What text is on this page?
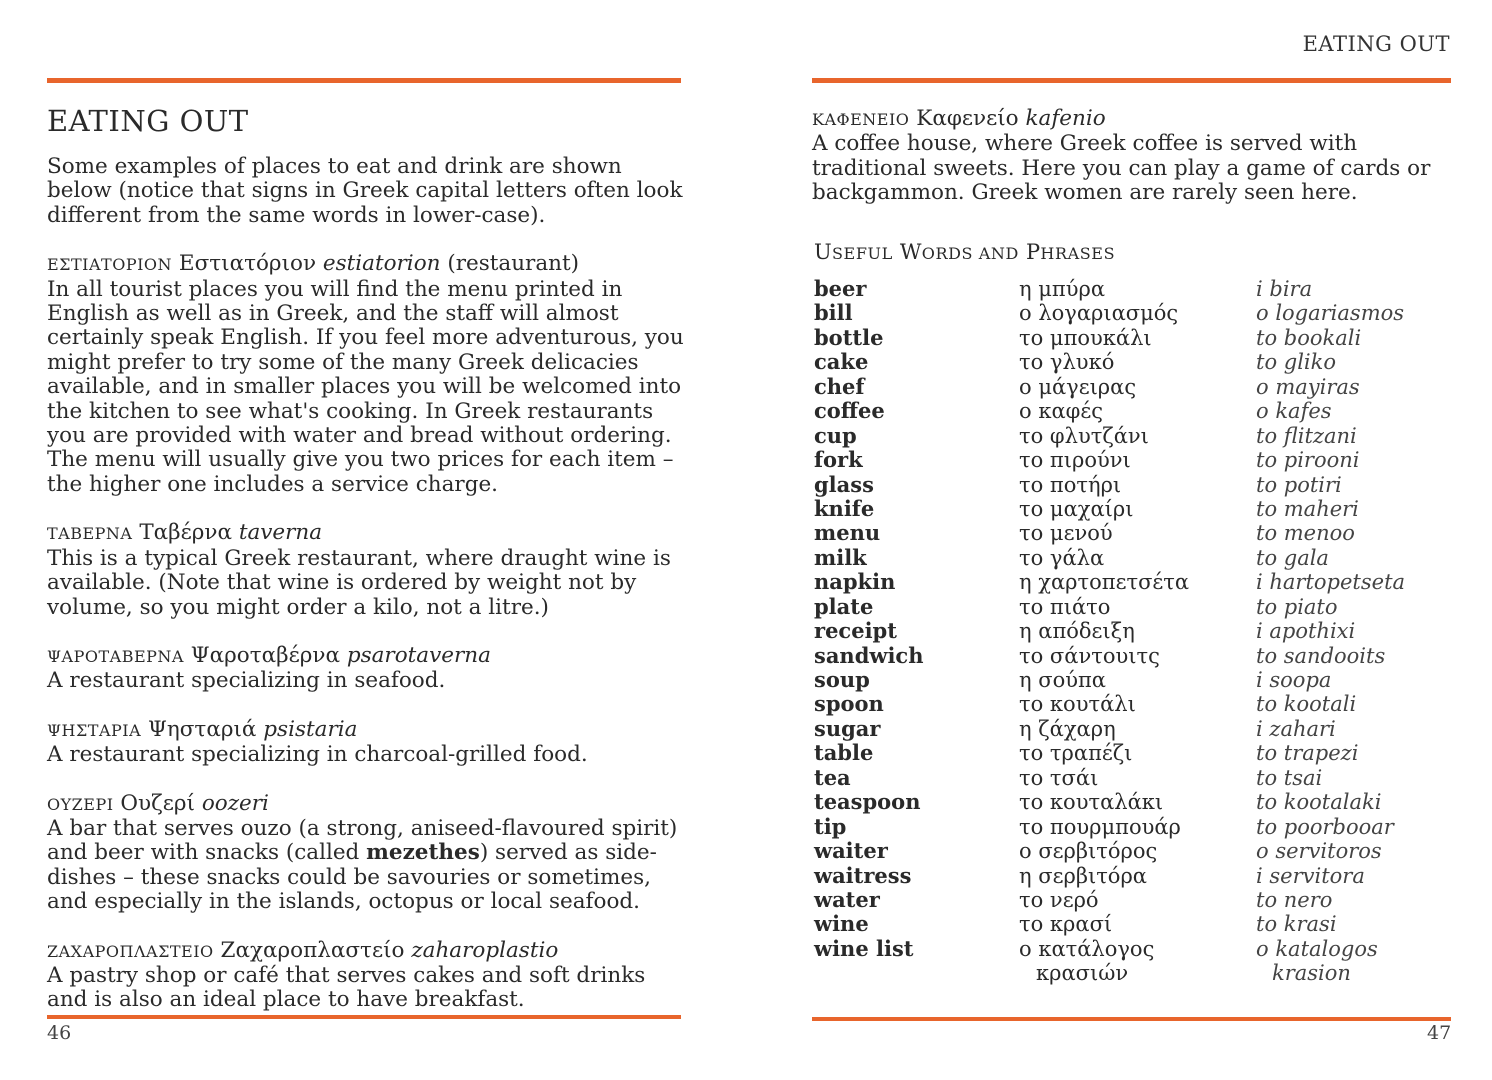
EATING OUT

Some examples of places to eat and drink are shown below (notice that signs in Greek capital letters often look different from the same words in lower-case).

ΕΣΤΙΑΤΟΡΙΟΝ Εστιατόριον estiatorion (restaurant)
In all tourist places you will find the menu printed in English as well as in Greek, and the staff will almost certainly speak English. If you feel more adventurous, you might prefer to try some of the many Greek delicacies available, and in smaller places you will be welcomed into the kitchen to see what's cooking. In Greek restaurants you are provided with water and bread without ordering. The menu will usually give you two prices for each item – the higher one includes a service charge.

ΤΑΒΕΡΝΑ Ταβέρνα taverna
This is a typical Greek restaurant, where draught wine is available. (Note that wine is ordered by weight not by volume, so you might order a kilo, not a litre.)

ΨΑΡΟΤΑΒΕΡΝΑ Ψαροταβέρνα psarotaverna
A restaurant specializing in seafood.

ΨΗΣΤΑΡΙΑ Ψησταριά psistaria
A restaurant specializing in charcoal-grilled food.

ΟΥΖΕΡΙ Ουζερί oozeri
A bar that serves ouzo (a strong, aniseed-flavoured spirit) and beer with snacks (called mezethes) served as side-dishes – these snacks could be savouries or sometimes, and especially in the islands, octopus or local seafood.

ΖΑΧΑΡΟΠΛΑΣΤΕΙΟ Ζαχαροπλαστείο zaharoplastio
A pastry shop or café that serves cakes and soft drinks and is also an ideal place to have breakfast.

46
EATING OUT
ΚΑΦΕΝΕΙΟ Καφενείο kafenio
A coffee house, where Greek coffee is served with traditional sweets. Here you can play a game of cards or backgammon. Greek women are rarely seen here.
USEFUL WORDS AND PHRASES
beer	η μπύρα	i bira
bill	ο λογαριασμός	o logariasmos
bottle	το μπουκάλι	to bookali
cake	το γλυκό	to gliko
chef	ο μάγειρας	o mayiras
coffee	ο καφές	o kafes
cup	το φλυτζάνι	to flitzani
fork	το πιρούνι	to pirooni
glass	το ποτήρι	to potiri
knife	το μαχαίρι	to maheri
menu	το μενού	to menoo
milk	το γάλα	to gala
napkin	η χαρτοπετσέτα	i hartopetseta
plate	το πιάτο	to piato
receipt	η απόδειξη	i apothixi
sandwich	το σάντουιτς	to sandooits
soup	η σούπα	i soopa
spoon	το κουτάλι	to kootali
sugar	η ζάχαρη	i zahari
table	το τραπέζι	to trapezi
tea	το τσάι	to tsai
teaspoon	το κουταλάκι	to kootalaki
tip	το πουρμπουάρ	to poorbooar
waiter	ο σερβιτόρος	o servitoros
waitress	η σερβιτόρα	i servitora
water	το νερό	to nero
wine	το κρασί	to krasi
wine list	ο κατάλογος	o katalogos
κρασιών	krasion
47
